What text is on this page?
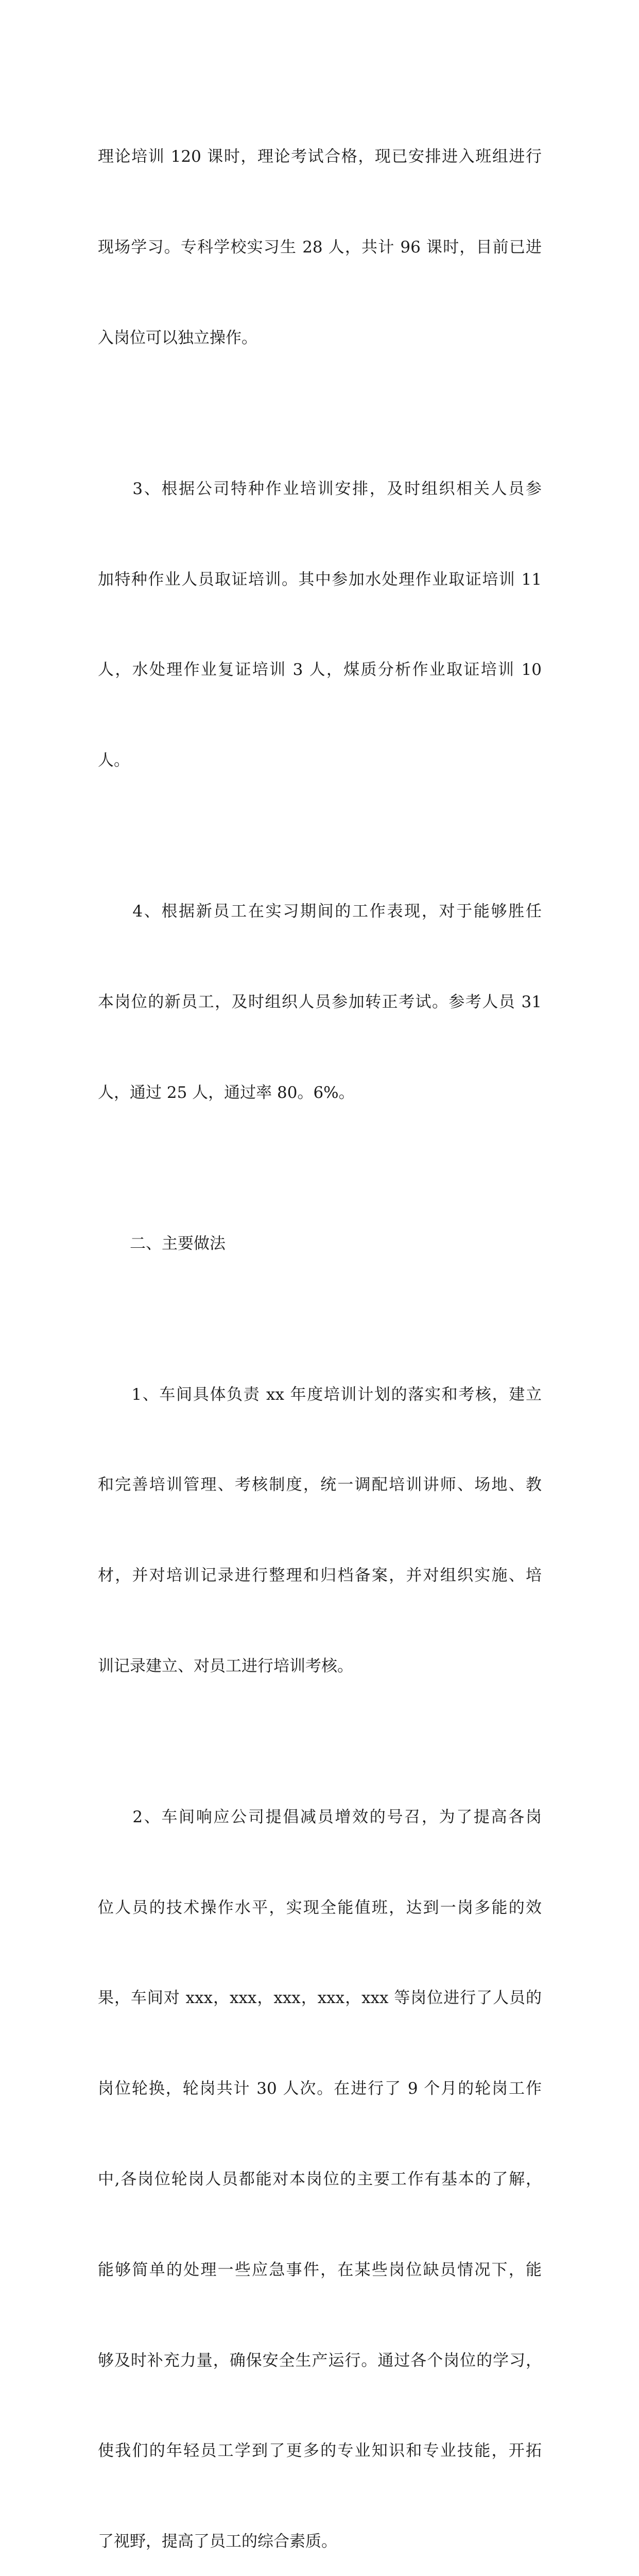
理论培训 120 课时，理论考试合格，现已安排进入班组进行

现场学习。专科学校实习生 28 人，共计 96 课时，目前已进

入岗位可以独立操作。

　　3、根据公司特种作业培训安排，及时组织相关人员参

加特种作业人员取证培训。其中参加水处理作业取证培训 11

人，水处理作业复证培训 3 人，煤质分析作业取证培训 10

人。

　　4、根据新员工在实习期间的工作表现，对于能够胜任

本岗位的新员工，及时组织人员参加转正考试。参考人员 31

人，通过 25 人，通过率 80。6%。

　　二、主要做法

　　1、车间具体负责 xx 年度培训计划的落实和考核，建立

和完善培训管理、考核制度，统一调配培训讲师、场地、教

材，并对培训记录进行整理和归档备案，并对组织实施、培

训记录建立、对员工进行培训考核。

　　2、车间响应公司提倡减员增效的号召，为了提高各岗

位人员的技术操作水平，实现全能值班，达到一岗多能的效

果，车间对 xxx，xxx，xxx，xxx，xxx 等岗位进行了人员的

岗位轮换，轮岗共计 30 人次。在进行了 9 个月的轮岗工作

中,各岗位轮岗人员都能对本岗位的主要工作有基本的了解，

能够简单的处理一些应急事件，在某些岗位缺员情况下，能

够及时补充力量，确保安全生产运行。通过各个岗位的学习，

使我们的年轻员工学到了更多的专业知识和专业技能，开拓

了视野，提高了员工的综合素质。
